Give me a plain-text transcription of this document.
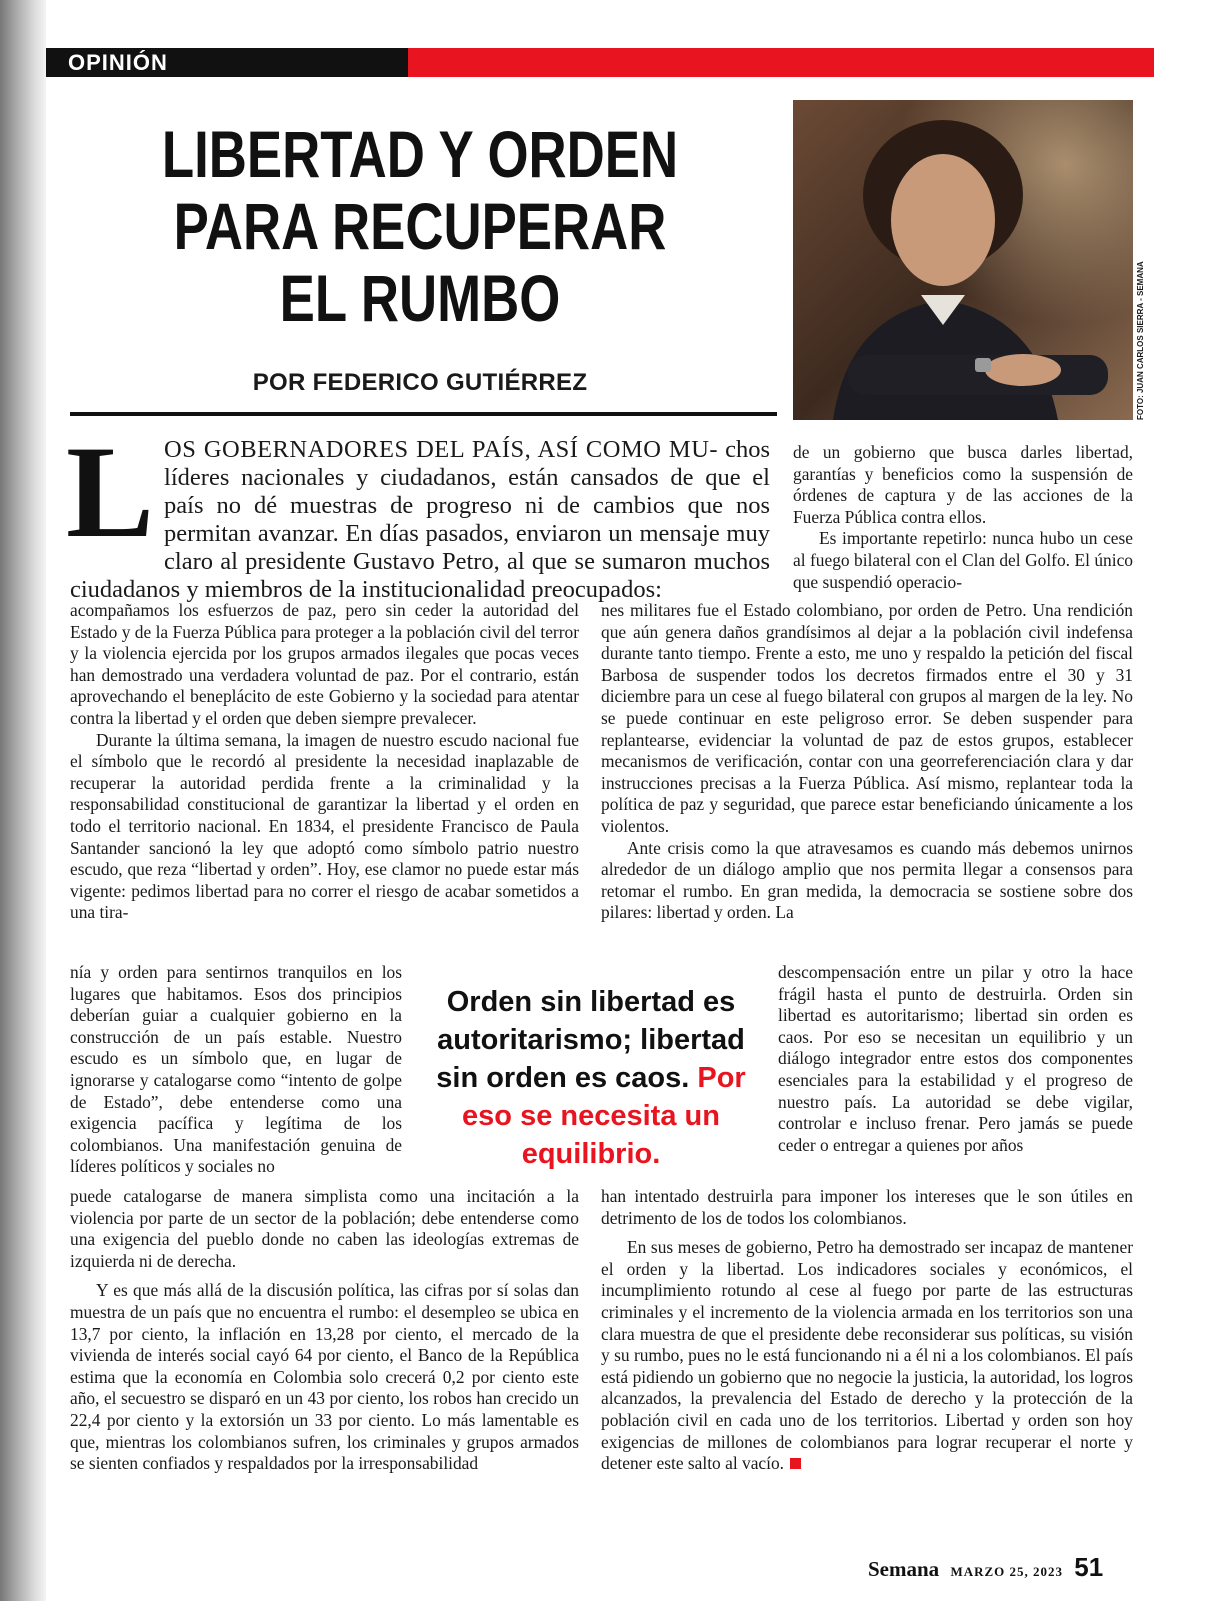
OPINIÓN
LIBERTAD Y ORDEN PARA RECUPERAR EL RUMBO
POR FEDERICO GUTIÉRREZ	FOTO: JUAN CARLOS SIERRA - SEMANA
L OS GOBERNADORES DEL PAÍS, ASÍ COMO MU- chos líderes nacionales y ciudadanos, están cansados de que el país no dé muestras de progreso ni de cambios que nos permitan avanzar. En días pasados, enviaron un mensaje muy claro al presidente Gustavo Petro, al que se sumaron muchos ciudadanos y miembros de la institucionalidad preocupados:

de un gobierno que busca darles libertad, garantías y beneficios como la suspensión de órdenes de captura y de las acciones de la Fuerza Pública contra ellos.

Es importante repetirlo: nunca hubo un cese al fuego bilateral con el Clan del Golfo. El único que suspendió operacio-

acompañamos los esfuerzos de paz, pero sin ceder la autoridad del Estado y de la Fuerza Pública para proteger a la población civil del terror y la violencia ejercida por los grupos armados ilegales que pocas veces han demostrado una verdadera voluntad de paz. Por el contrario, están aprovechando el beneplácito de este Gobierno y la sociedad para atentar contra la libertad y el orden que deben siempre prevalecer.

Durante la última semana, la imagen de nuestro escudo nacional fue el símbolo que le recordó al presidente la necesidad inaplazable de recuperar la autoridad perdida frente a la criminalidad y la responsabilidad constitucional de garantizar la libertad y el orden en todo el territorio nacional. En 1834, el presidente Francisco de Paula Santander sancionó la ley que adoptó como símbolo patrio nuestro escudo, que reza “libertad y orden”. Hoy, ese clamor no puede estar más vigente: pedimos libertad para no correr el riesgo de acabar sometidos a una tira-

nía y orden para sentirnos tranquilos en los lugares que habitamos. Esos dos principios deberían guiar a cualquier gobierno en la construcción de un país estable. Nuestro escudo es un símbolo que, en lugar de ignorarse y catalogarse como “intento de golpe de Estado”, debe entenderse como una exigencia pacífica y legítima de los colombianos. Una manifestación genuina de líderes políticos y sociales no

puede catalogarse de manera simplista como una incitación a la violencia por parte de un sector de la población; debe entenderse como una exigencia del pueblo donde no caben las ideologías extremas de izquierda ni de derecha.

Y es que más allá de la discusión política, las cifras por sí solas dan muestra de un país que no encuentra el rumbo: el desempleo se ubica en 13,7 por ciento, la inflación en 13,28 por ciento, el mercado de la vivienda de interés social cayó 64 por ciento, el Banco de la República estima que la economía en Colombia solo crecerá 0,2 por ciento este año, el secuestro se disparó en un 43 por ciento, los robos han crecido un 22,4 por ciento y la extorsión un 33 por ciento. Lo más lamentable es que, mientras los colombianos sufren, los criminales y grupos armados se sienten confiados y respaldados por la irresponsabilidad

nes militares fue el Estado colombiano, por orden de Petro. Una rendición que aún genera daños grandísimos al dejar a la población civil indefensa durante tanto tiempo. Frente a esto, me uno y respaldo la petición del fiscal Barbosa de suspender todos los decretos firmados entre el 30 y 31 diciembre para un cese al fuego bilateral con grupos al margen de la ley. No se puede continuar en este peligroso error. Se deben suspender para replantearse, evidenciar la voluntad de paz de estos grupos, establecer mecanismos de verificación, contar con una georreferenciación clara y dar instrucciones precisas a la Fuerza Pública. Así mismo, replantear toda la política de paz y seguridad, que parece estar beneficiando únicamente a los violentos.

Ante crisis como la que atravesamos es cuando más debemos unirnos alrededor de un diálogo amplio que nos permita llegar a consensos para retomar el rumbo. En gran medida, la democracia se sostiene sobre dos pilares: libertad y orden. La

descompensación entre un pilar y otro la hace frágil hasta el punto de destruirla. Orden sin libertad es autoritarismo; libertad sin orden es caos. Por eso se necesitan un equilibrio y un diálogo integrador entre estos dos componentes esenciales para la estabilidad y el progreso de nuestro país. La autoridad se debe vigilar, controlar e incluso frenar. Pero jamás se puede ceder o entregar a quienes por años

han intentado destruirla para imponer los intereses que le son útiles en detrimento de los de todos los colombianos.

En sus meses de gobierno, Petro ha demostrado ser incapaz de mantener el orden y la libertad. Los indicadores sociales y económicos, el incumplimiento rotundo al cese al fuego por parte de las estructuras criminales y el incremento de la violencia armada en los territorios son una clara muestra de que el presidente debe reconsiderar sus políticas, su visión y su rumbo, pues no le está funcionando ni a él ni a los colombianos. El país está pidiendo un gobierno que no negocie la justicia, la autoridad, los logros alcanzados, la prevalencia del Estado de derecho y la protección de la población civil en cada uno de los territorios. Libertad y orden son hoy exigencias de millones de colombianos para lograr recuperar el norte y detener este salto al vacío.

Orden sin libertad es autoritarismo; libertad sin orden es caos. Por eso se necesita un equilibrio.
Semana MARZO 25, 2023 51
